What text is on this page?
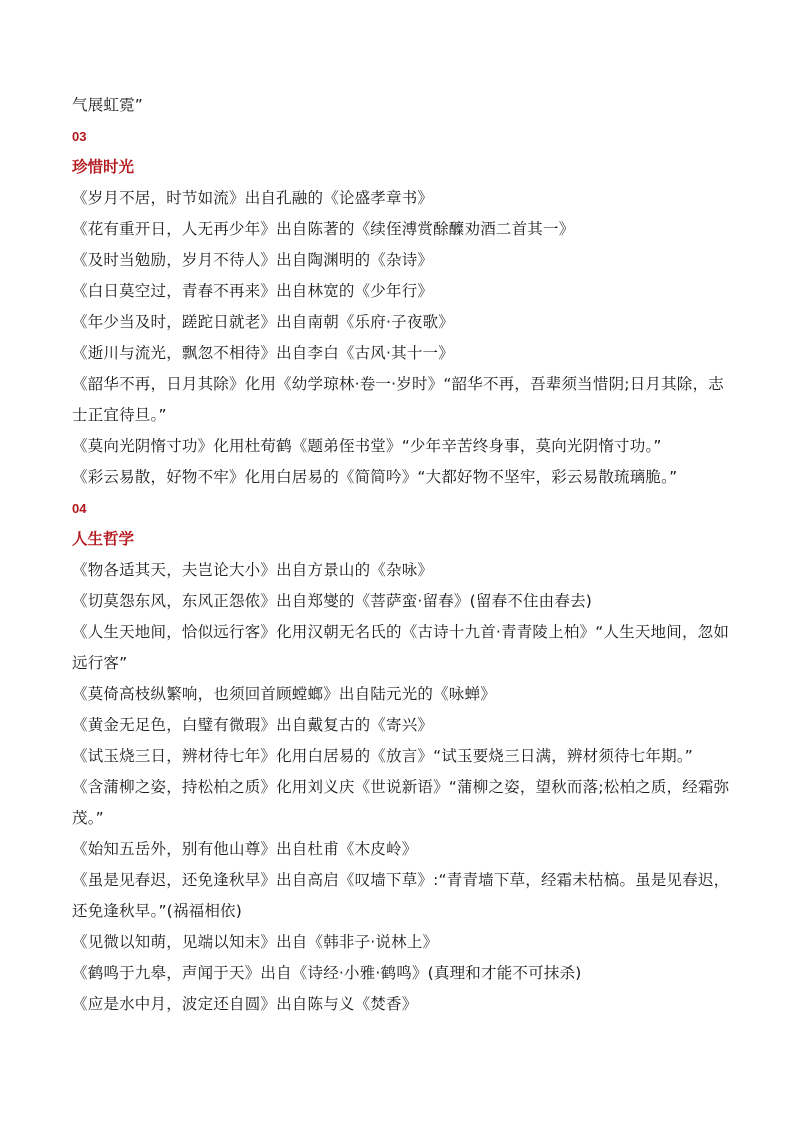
气展虹霓”
03
珍惜时光
《岁月不居，时节如流》出自孔融的《论盛孝章书》
《花有重开日，人无再少年》出自陈著的《续侄溥赏酴醾劝酒二首其一》
《及时当勉励，岁月不待人》出自陶渊明的《杂诗》
《白日莫空过，青春不再来》出自林宽的《少年行》
《年少当及时，蹉跎日就老》出自南朝《乐府·子夜歌》
《逝川与流光，飘忽不相待》出自李白《古风·其十一》
《韶华不再，日月其除》化用《幼学琼林·卷一·岁时》“韶华不再，吾辈须当惜阴;日月其除，志士正宜待旦。”
《莫向光阴惰寸功》化用杜荀鹤《题弟侄书堂》“少年辛苦终身事，莫向光阴惰寸功。”
《彩云易散，好物不牢》化用白居易的《简简吟》“大都好物不坚牢，彩云易散琉璃脆。”
04
人生哲学
《物各适其天，夫岂论大小》出自方景山的《杂咏》
《切莫怨东风，东风正怨侬》出自郑燮的《菩萨蛮·留春》(留春不住由春去)
《人生天地间，恰似远行客》化用汉朝无名氏的《古诗十九首·青青陵上柏》“人生天地间，忽如远行客”
《莫倚高枝纵繁响，也须回首顾螳螂》出自陆元光的《咏蝉》
《黄金无足色，白璧有微瑕》出自戴复古的《寄兴》
《试玉烧三日，辨材待七年》化用白居易的《放言》“试玉要烧三日满，辨材须待七年期。”
《含蒲柳之姿，持松柏之质》化用刘义庆《世说新语》“蒲柳之姿，望秋而落;松柏之质，经霜弥茂。”
《始知五岳外，别有他山尊》出自杜甫《木皮岭》
《虽是见春迟，还免逢秋早》出自高启《叹墙下草》:“青青墙下草，经霜未枯槁。虽是见春迟，还免逢秋早。”(祸福相依)
《见微以知萌，见端以知末》出自《韩非子·说林上》
《鹤鸣于九皋，声闻于天》出自《诗经·小雅·鹤鸣》(真理和才能不可抹杀)
《应是水中月，波定还自圆》出自陈与义《焚香》
